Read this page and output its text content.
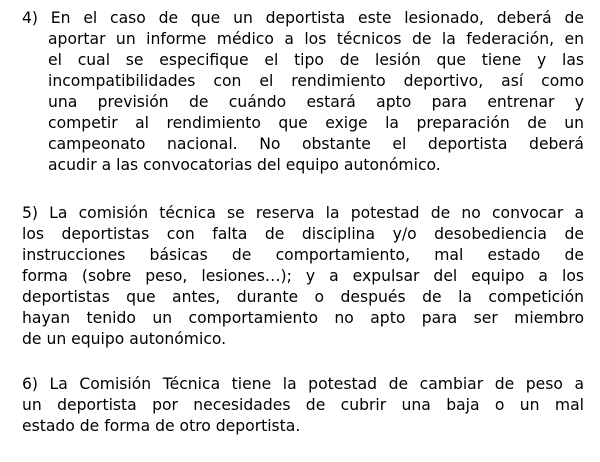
4) En el caso de que un deportista este lesionado, deberá de
aportar un informe médico a los técnicos de la federación, en
el cual se especifique el tipo de lesión que tiene y las
incompatibilidades con el rendimiento deportivo, así como
una previsión de cuándo estará apto para entrenar y
competir al rendimiento que exige la preparación de un
campeonato nacional. No obstante el deportista deberá
acudir a las convocatorias del equipo autonómico.
5) La comisión técnica se reserva la potestad de no convocar a
los deportistas con falta de disciplina y/o desobediencia de
instrucciones básicas de comportamiento, mal estado de
forma (sobre peso, lesiones…); y a expulsar del equipo a los
deportistas que antes, durante o después de la competición
hayan tenido un comportamiento no apto para ser miembro
de un equipo autonómico.
6) La Comisión Técnica tiene la potestad de cambiar de peso a
un deportista por necesidades de cubrir una baja o un mal
estado de forma de otro deportista.
